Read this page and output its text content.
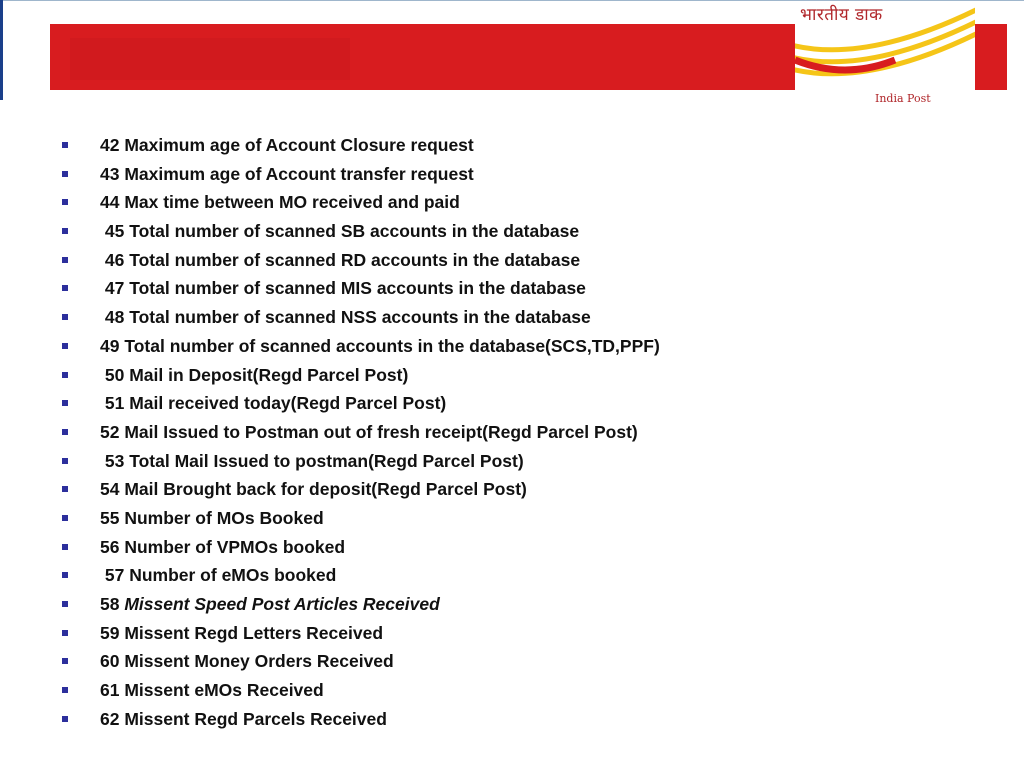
भारतीय डाक
India Post
42 Maximum age of Account Closure request
43 Maximum age of Account transfer request
44 Max time between MO received and paid
45 Total number of scanned SB accounts in the database
46 Total number of scanned RD accounts in the database
47 Total number of scanned MIS accounts in the database
48 Total number of scanned NSS accounts in the database
49 Total number of scanned accounts in the database(SCS,TD,PPF)
50 Mail in Deposit(Regd Parcel Post)
51 Mail received today(Regd Parcel Post)
52 Mail Issued to Postman out of fresh receipt(Regd Parcel Post)
53 Total Mail Issued to postman(Regd Parcel Post)
54 Mail Brought back for deposit(Regd Parcel Post)
55 Number of MOs Booked
56 Number of VPMOs booked
57 Number of eMOs booked
58 Missent Speed Post Articles Received
59 Missent Regd Letters Received
60 Missent Money Orders Received
61 Missent eMOs Received
62 Missent Regd Parcels Received
